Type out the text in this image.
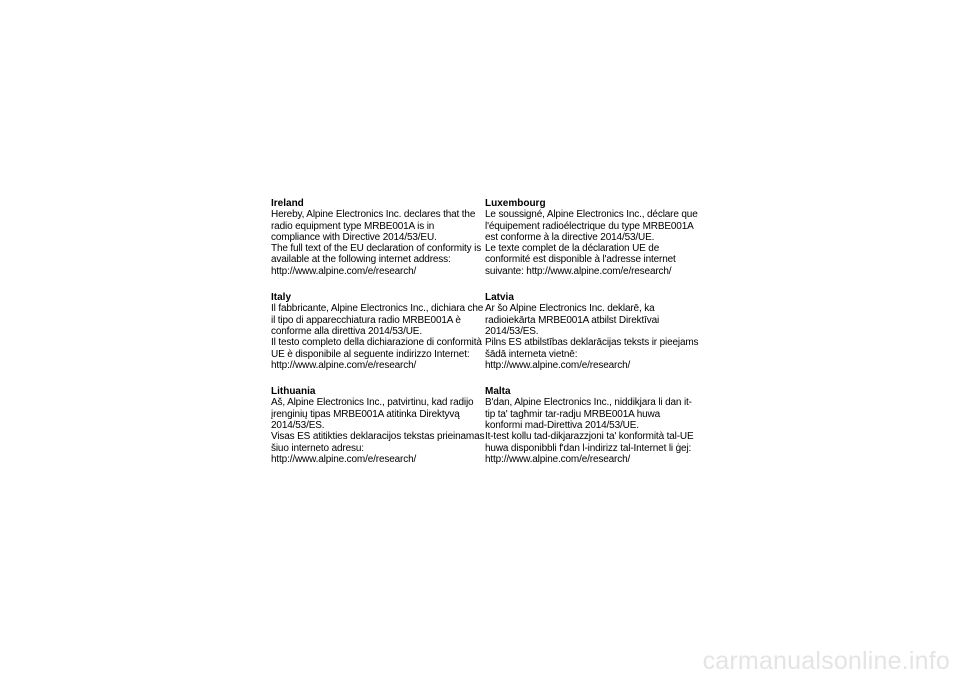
Ireland
Hereby, Alpine Electronics Inc. declares that the
radio equipment type MRBE001A is in
compliance with Directive 2014/53/EU.
The full text of the EU declaration of conformity is
available at the following internet address:
http://www.alpine.com/e/research/
Italy
Il fabbricante, Alpine Electronics Inc., dichiara che
il tipo di apparecchiatura radio MRBE001A è
conforme alla direttiva 2014/53/UE.
Il testo completo della dichiarazione di conformità
UE è disponibile al seguente indirizzo Internet:
http://www.alpine.com/e/research/
Lithuania
Aš, Alpine Electronics Inc., patvirtinu, kad radijo
įrenginių tipas MRBE001A atitinka Direktyvą
2014/53/ES.
Visas ES atitikties deklaracijos tekstas prieinamas
šiuo interneto adresu:
http://www.alpine.com/e/research/
Luxembourg
Le soussigné, Alpine Electronics Inc., déclare que
l'équipement radioélectrique du type MRBE001A
est conforme à la directive 2014/53/UE.
Le texte complet de la déclaration UE de
conformité est disponible à l'adresse internet
suivante: http://www.alpine.com/e/research/
Latvia
Ar šo Alpine Electronics Inc. deklarē, ka
radioiekārta MRBE001A atbilst Direktīvai
2014/53/ES.
Pilns ES atbilstības deklarācijas teksts ir pieejams
šādā interneta vietnē:
http://www.alpine.com/e/research/
Malta
B'dan, Alpine Electronics Inc., niddikjara li dan it-
tip ta' tagħmir tar-radju MRBE001A huwa
konformi mad-Direttiva 2014/53/UE.
It-test kollu tad-dikjarazzjoni ta' konformità tal-UE
huwa disponibbli f'dan l-indirizz tal-Internet li ġej:
http://www.alpine.com/e/research/
carmanualsonline.info
